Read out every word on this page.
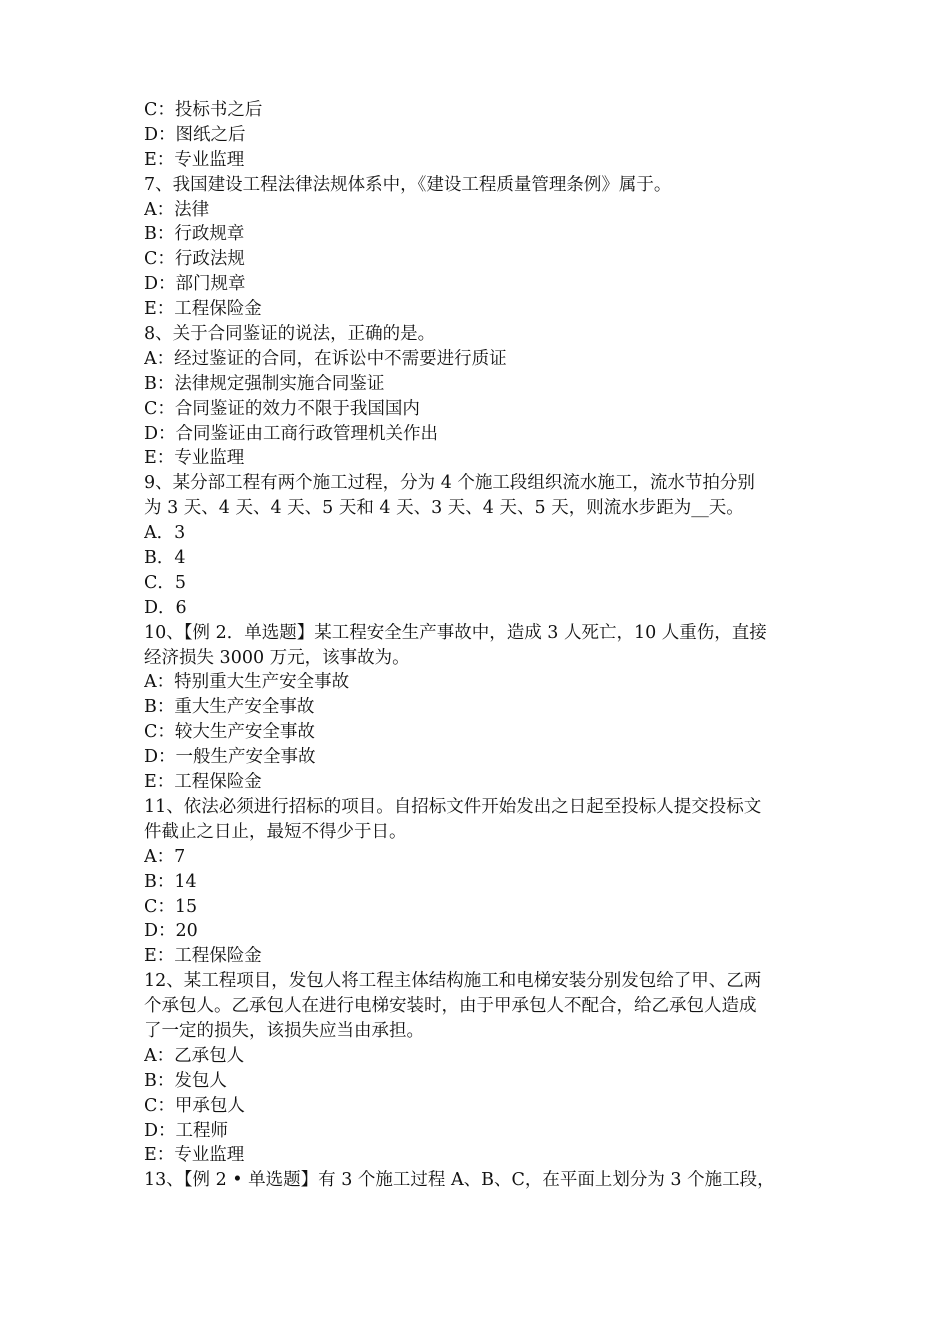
C：投标书之后
D：图纸之后
E：专业监理
7、我国建设工程法律法规体系中，《建设工程质量管理条例》属于。
A：法律
B：行政规章
C：行政法规
D：部门规章
E：工程保险金
8、关于合同鉴证的说法，正确的是。
A：经过鉴证的合同，在诉讼中不需要进行质证
B：法律规定强制实施合同鉴证
C：合同鉴证的效力不限于我国国内
D：合同鉴证由工商行政管理机关作出
E：专业监理
9、某分部工程有两个施工过程，分为 4 个施工段组织流水施工，流水节拍分别
为 3 天、4 天、4 天、5 天和 4 天、3 天、4 天、5 天，则流水步距为__天。
A．3
B．4
C．5
D．6
10、【例 2．单选题】某工程安全生产事故中，造成 3 人死亡，10 人重伤，直接
经济损失 3000 万元，该事故为。
A：特别重大生产安全事故
B：重大生产安全事故
C：较大生产安全事故
D：一般生产安全事故
E：工程保险金
11、依法必须进行招标的项目。自招标文件开始发出之日起至投标人提交投标文
件截止之日止，最短不得少于日。
A：7
B：14
C：15
D：20
E：工程保险金
12、某工程项目，发包人将工程主体结构施工和电梯安装分别发包给了甲、乙两
个承包人。乙承包人在进行电梯安装时，由于甲承包人不配合，给乙承包人造成
了一定的损失，该损失应当由承担。
A：乙承包人
B：发包人
C：甲承包人
D：工程师
E：专业监理
13、【例 2 • 单选题】有 3 个施工过程 A、B、C，在平面上划分为 3 个施工段，
